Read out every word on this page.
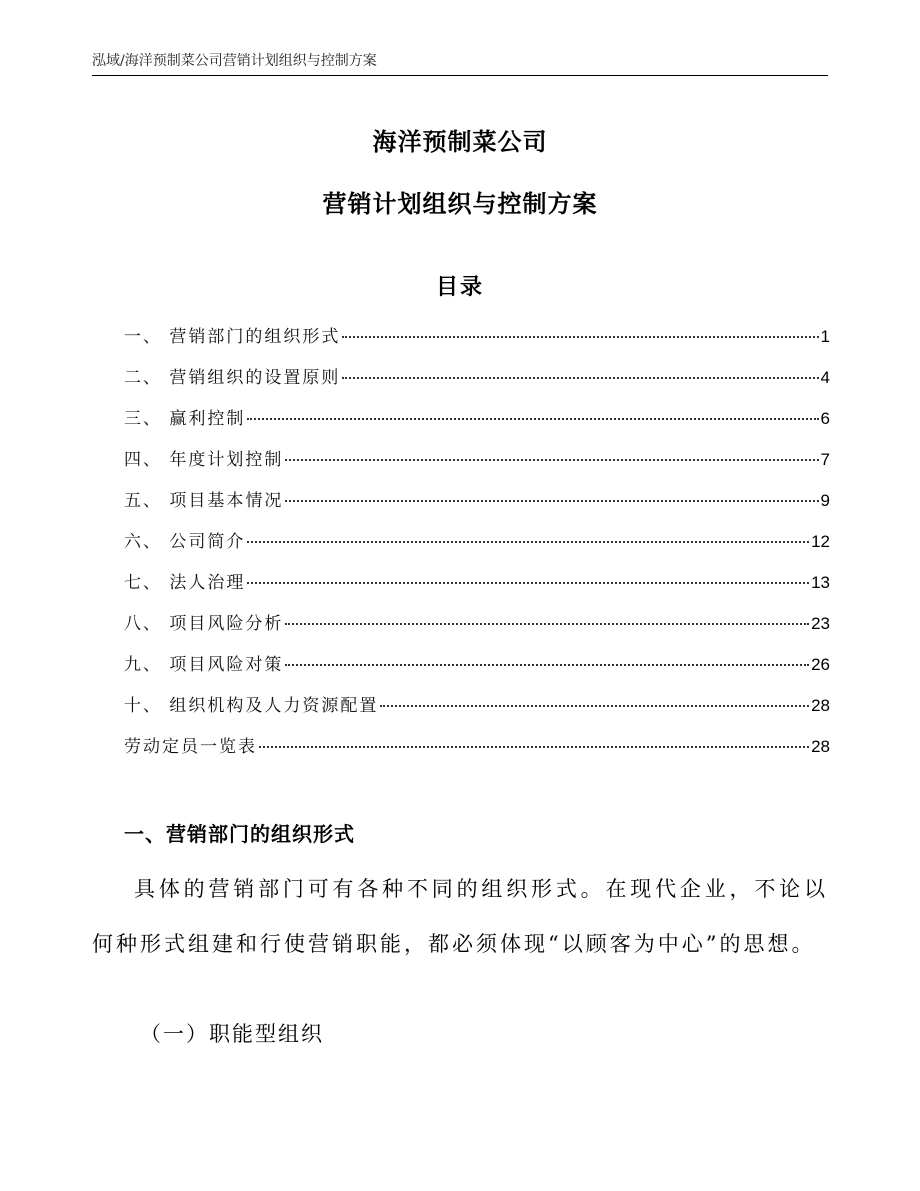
泓域/海洋预制菜公司营销计划组织与控制方案
海洋预制菜公司
营销计划组织与控制方案
目录
一、 营销部门的组织形式	1
二、 营销组织的设置原则	4
三、 赢利控制	6
四、 年度计划控制	7
五、 项目基本情况	9
六、 公司简介	12
七、 法人治理	13
八、 项目风险分析	23
九、 项目风险对策	26
十、 组织机构及人力资源配置	28
劳动定员一览表	28
一、营销部门的组织形式

具体的营销部门可有各种不同的组织形式。在现代企业，不论以何种形式组建和行使营销职能，都必须体现“以顾客为中心”的思想。

（一）职能型组织
